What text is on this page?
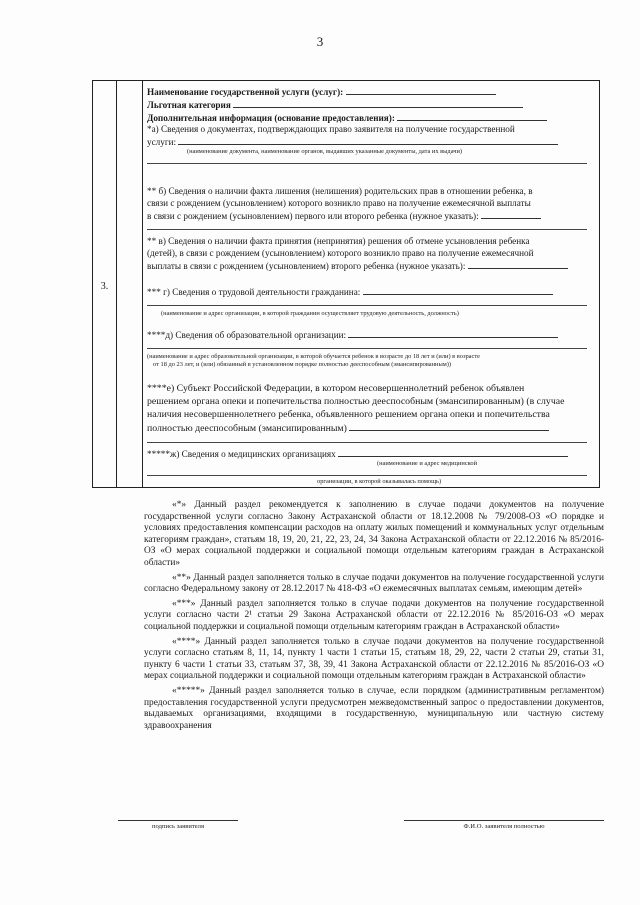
3
3.
Наименование государственной услуги (услуг):
Льготная категория
Дополнительная информация (основание предоставления):
*а) Сведения о документах, подтверждающих право заявителя на получение государственной
услуги:
(наименование документа, наименование органов, выдавших указанные документы, дата их выдачи)
** б) Сведения о наличии факта лишения (нелишения) родительских прав в отношении ребенка, в
связи с рождением (усыновлением) которого возникло право на получение ежемесячной выплаты
в связи с рождением (усыновлением) первого или второго ребенка (нужное указать):
** в) Сведения о наличии факта принятия (непринятия) решения об отмене усыновления ребенка
(детей), в связи с рождением (усыновлением) которого возникло право на получение ежемесячной
выплаты в связи с рождением (усыновлением) второго ребенка (нужное указать):
*** г) Сведения о трудовой деятельности гражданина:
(наименование и адрес организации, в которой гражданин осуществляет трудовую деятельность, должность)
****д) Сведения об образовательной организации:
(наименование и адрес образовательной организации, в которой обучается ребенок в возрасте до 18 лет и (или) в возрасте
от 18 до 23 лет, и (или) обязанный в установленном порядке полностью дееспособным (эмансипированным))
****е) Субъект Российской Федерации, в котором несовершеннолетний ребенок объявлен
решением органа опеки и попечительства полностью дееспособным (эмансипированным) (в случае
наличия несовершеннолетнего ребенка, объявленного решением органа опеки и попечительства
полностью дееспособным (эмансипированным)
*****ж) Сведения о медицинских организациях
(наименование и адрес медицинской
организации, в которой оказывалась помощь)

«*» Данный раздел рекомендуется к заполнению в случае подачи документов на получение государственной услуги согласно Закону Астраханской области от 18.12.2008 № 79/2008-ОЗ «О порядке и условиях предоставления компенсации расходов на оплату жилых помещений и коммунальных услуг отдельным категориям граждан», статьям 18, 19, 20, 21, 22, 23, 24, 34 Закона Астраханской области от 22.12.2016 № 85/2016-ОЗ «О мерах социальной поддержки и социальной помощи отдельным категориям граждан в Астраханской области»

«**» Данный раздел заполняется только в случае подачи документов на получение государственной услуги согласно Федеральному закону от 28.12.2017 № 418-ФЗ «О ежемесячных выплатах семьям, имеющим детей»

«***» Данный раздел заполняется только в случае подачи документов на получение государственной услуги согласно части 2¹ статьи 29 Закона Астраханской области от 22.12.2016 № 85/2016-ОЗ «О мерах социальной поддержки и социальной помощи отдельным категориям граждан в Астраханской области»

«****» Данный раздел заполняется только в случае подачи документов на получение государственной услуги согласно статьям 8, 11, 14, пункту 1 части 1 статьи 15, статьям 18, 29, 22, части 2 статьи 29, статьи 31, пункту 6 части 1 статьи 33, статьям 37, 38, 39, 41 Закона Астраханской области от 22.12.2016 № 85/2016-ОЗ «О мерах социальной поддержки и социальной помощи отдельным категориям граждан в Астраханской области»

«*****» Данный раздел заполняется только в случае, если порядком (административным регламентом) предоставления государственной услуги предусмотрен межведомственный запрос о предоставлении документов, выдаваемых организациями, входящими в государственную, муниципальную или частную систему здравоохранения

подпись заявителя	Ф.И.О. заявителя полностью
